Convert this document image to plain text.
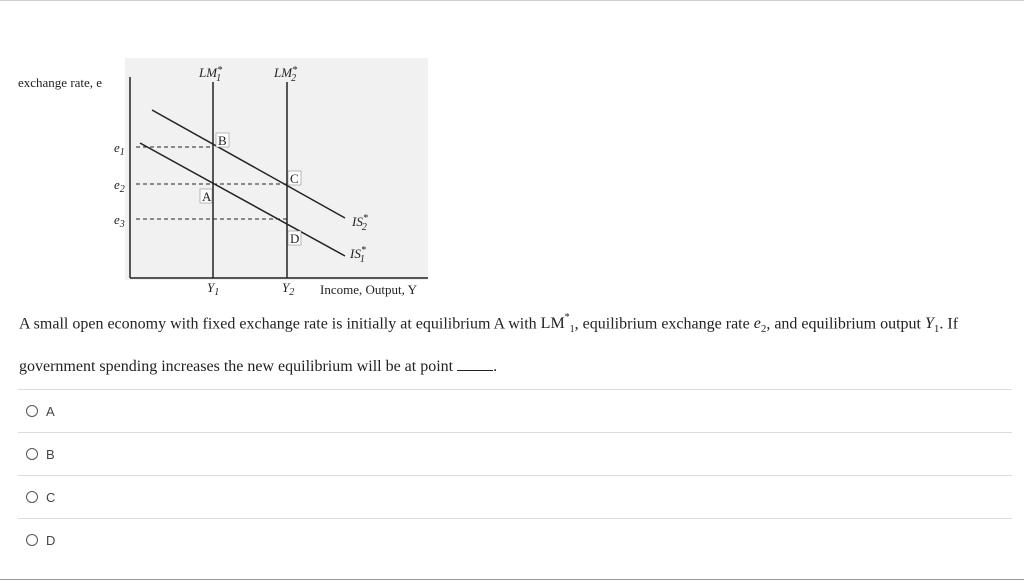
exchange rate, e
Income, Output, Y
LM* 1	LM* 2
IS* 2
IS* 1
$e_1$
$e_2$
$e_3$
$Y_1$	$Y_2$
A
B
C
D
A small open economy with fixed exchange rate is initially at equilibrium A with $LM^*_1$, equilibrium exchange rate $e_2$, and equilibrium output $Y_1$. If government spending increases the new equilibrium will be at point .
A
B
C
D
